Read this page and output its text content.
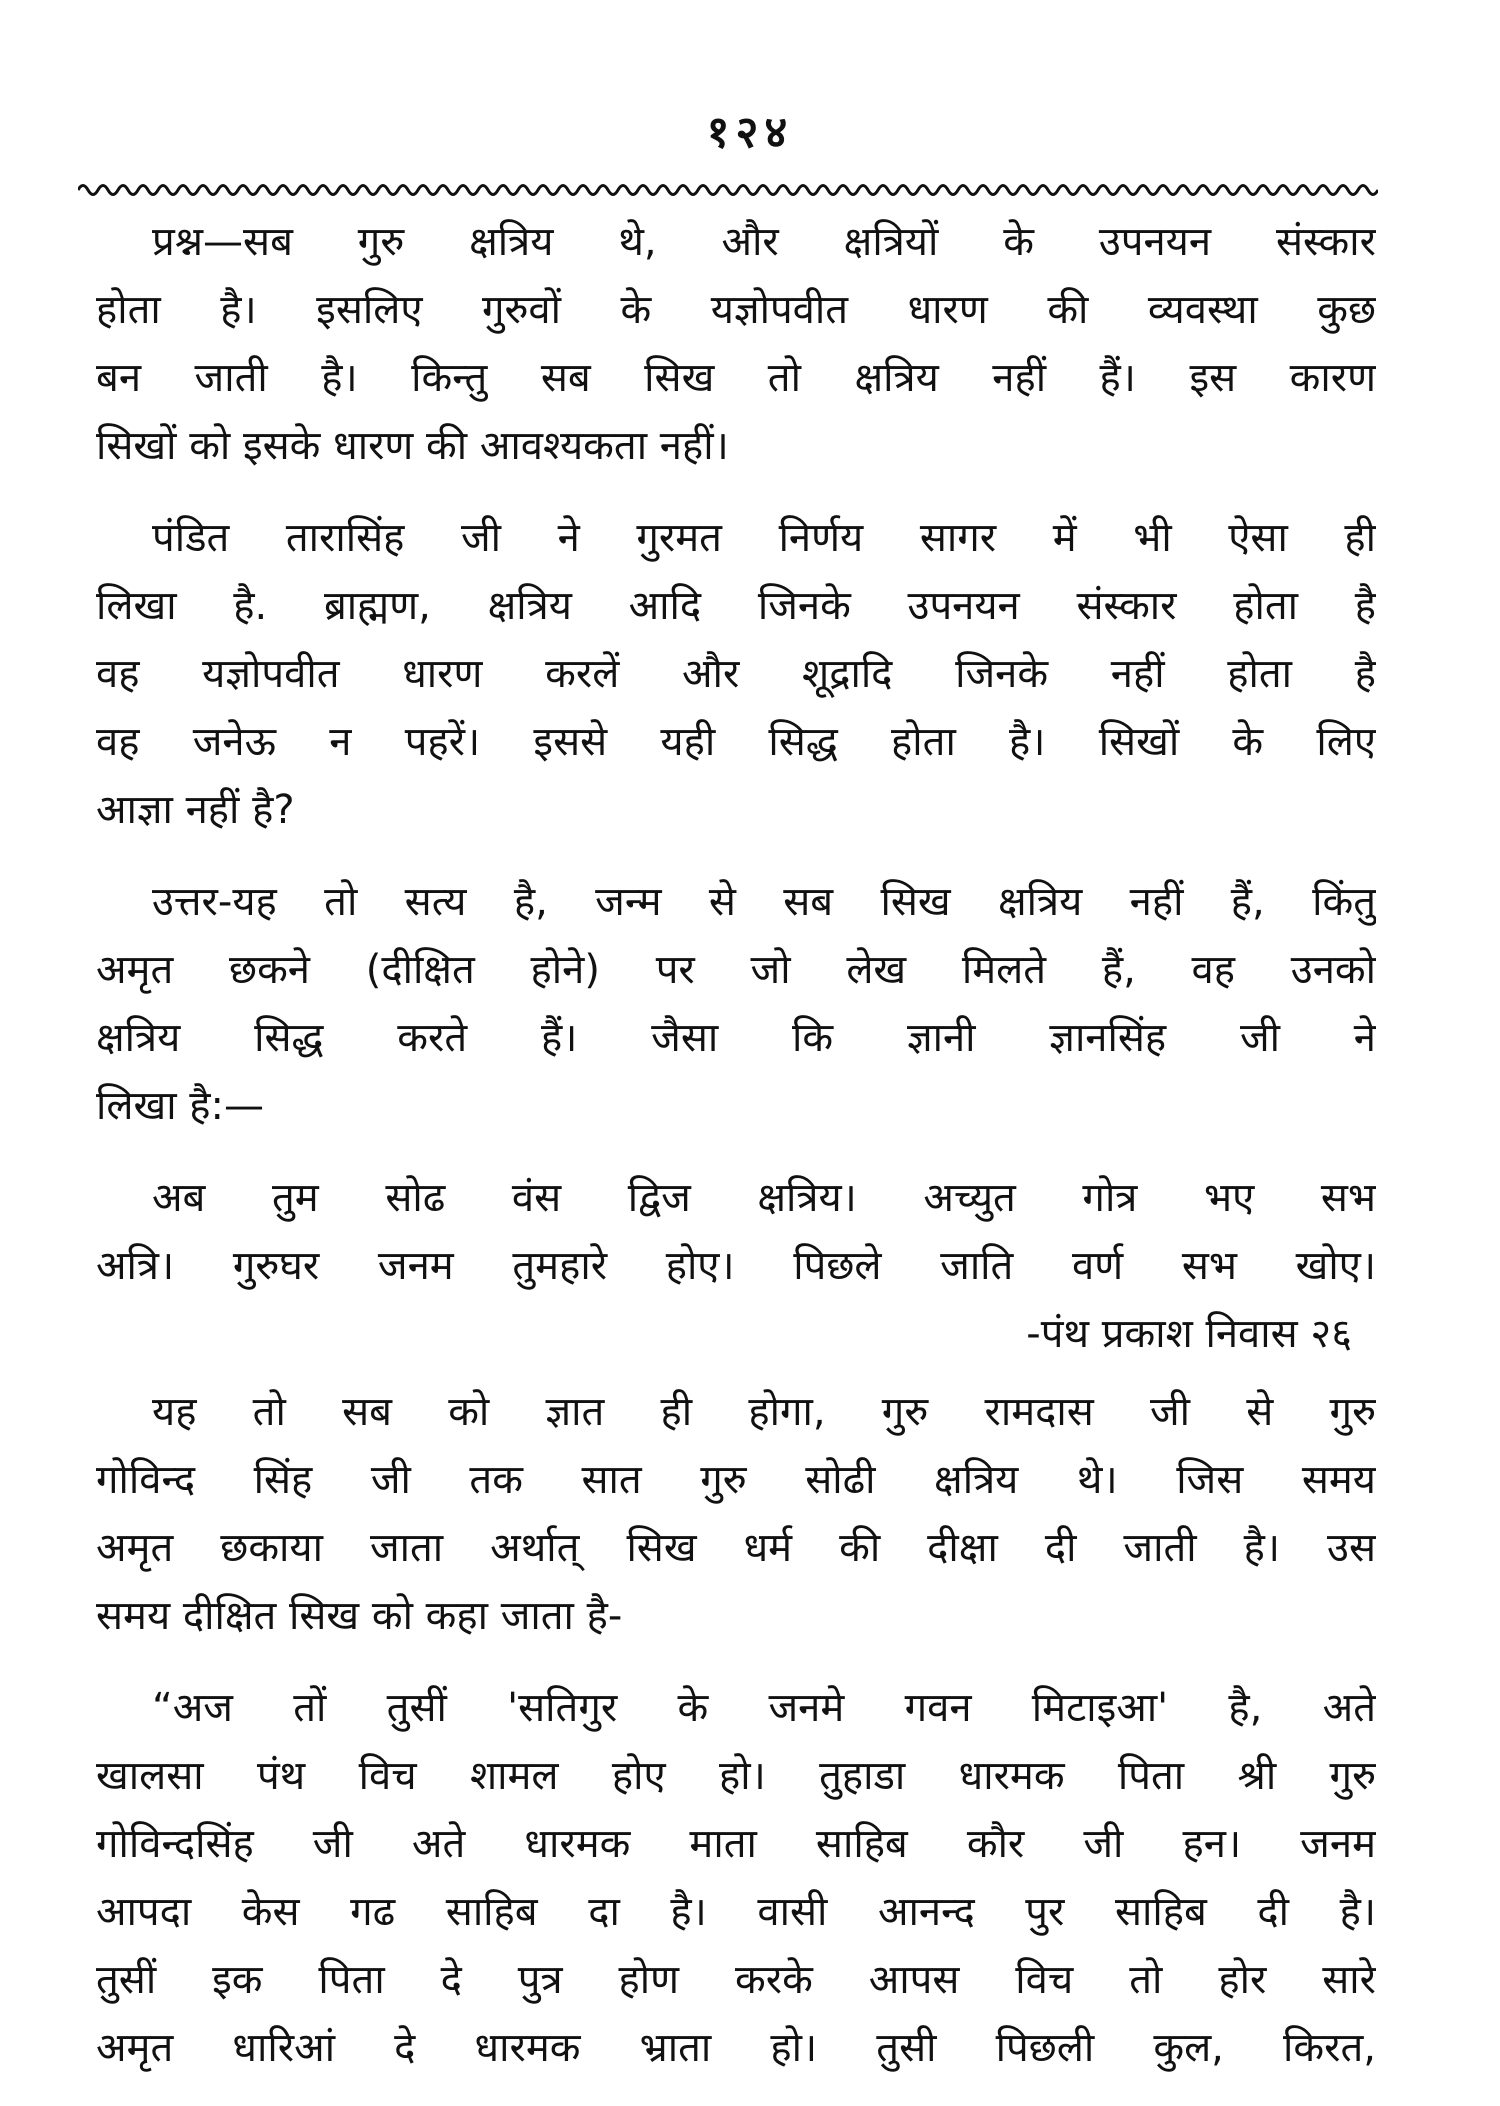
१२४
प्रश्न—सब गुरु क्षत्रिय थे, और क्षत्रियों के उपनयन संस्कार
होता है। इसलिए गुरुवों के यज्ञोपवीत धारण की व्यवस्था कुछ
बन जाती है। किन्तु सब सिख तो क्षत्रिय नहीं हैं। इस कारण
सिखों को इसके धारण की आवश्यकता नहीं।
पंडित तारासिंह जी ने गुरमत निर्णय सागर में भी ऐसा ही
लिखा है. ब्राह्मण, क्षत्रिय आदि जिनके उपनयन संस्कार होता है
वह यज्ञोपवीत धारण करलें और शूद्रादि जिनके नहीं होता है
वह जनेऊ न पहरें। इससे यही सिद्ध होता है। सिखों के लिए
आज्ञा नहीं है?
उत्तर-यह तो सत्य है, जन्म से सब सिख क्षत्रिय नहीं हैं, किंतु
अमृत छकने (दीक्षित होने) पर जो लेख मिलते हैं, वह उनको
क्षत्रिय सिद्ध करते हैं। जैसा कि ज्ञानी ज्ञानसिंह जी ने
लिखा है:—
अब तुम सोढ वंस द्विज क्षत्रिय। अच्युत गोत्र भए सभ
अत्रि। गुरुघर जनम तुमहारे होए। पिछले जाति वर्ण सभ खोए।
-पंथ प्रकाश निवास २६
यह तो सब को ज्ञात ही होगा, गुरु रामदास जी से गुरु
गोविन्द सिंह जी तक सात गुरु सोढी क्षत्रिय थे। जिस समय
अमृत छकाया जाता अर्थात् सिख धर्म की दीक्षा दी जाती है। उस
समय दीक्षित सिख को कहा जाता है-
“अज तों तुसीं 'सतिगुर के जनमे गवन मिटाइआ' है, अते
खालसा पंथ विच शामल होए हो। तुहाडा धारमक पिता श्री गुरु
गोविन्दसिंह जी अते धारमक माता साहिब कौर जी हन। जनम
आपदा केस गढ साहिब दा है। वासी आनन्द पुर साहिब दी है।
तुसीं इक पिता दे पुत्र होण करके आपस विच तो होर सारे
अमृत धारिआं दे धारमक भ्राता हो। तुसी पिछली कुल, किरत,
